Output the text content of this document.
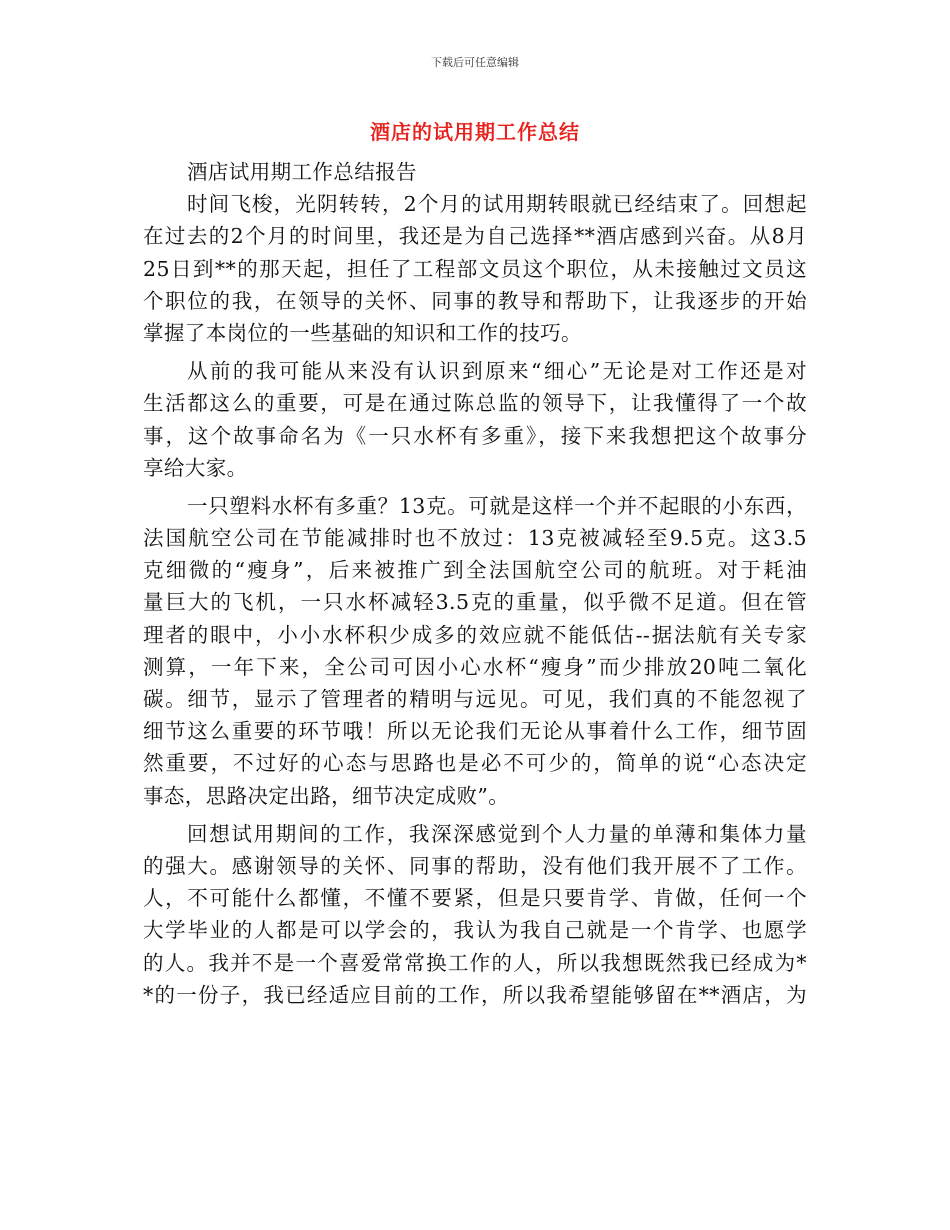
下载后可任意编辑
酒店的试用期工作总结
酒店试用期工作总结报告
时间飞梭，光阴转转，2个月的试用期转眼就已经结束了。回想起
在过去的2个月的时间里，我还是为自己选择**酒店感到兴奋。从8月
25日到**的那天起，担任了工程部文员这个职位，从未接触过文员这
个职位的我，在领导的关怀、同事的教导和帮助下，让我逐步的开始
掌握了本岗位的一些基础的知识和工作的技巧。
从前的我可能从来没有认识到原来“细心”无论是对工作还是对
生活都这么的重要，可是在通过陈总监的领导下，让我懂得了一个故
事，这个故事命名为《一只水杯有多重》，接下来我想把这个故事分
享给大家。
一只塑料水杯有多重？13克。可就是这样一个并不起眼的小东西，
法国航空公司在节能减排时也不放过：13克被减轻至9.5克。这3.5
克细微的“瘦身”，后来被推广到全法国航空公司的航班。对于耗油
量巨大的飞机，一只水杯减轻3.5克的重量，似乎微不足道。但在管
理者的眼中，小小水杯积少成多的效应就不能低估--据法航有关专家
测算，一年下来，全公司可因小心水杯“瘦身”而少排放20吨二氧化
碳。细节，显示了管理者的精明与远见。可见，我们真的不能忽视了
细节这么重要的环节哦！所以无论我们无论从事着什么工作，细节固
然重要，不过好的心态与思路也是必不可少的，简单的说“心态决定
事态，思路决定出路，细节决定成败”。
回想试用期间的工作，我深深感觉到个人力量的单薄和集体力量
的强大。感谢领导的关怀、同事的帮助，没有他们我开展不了工作。
人，不可能什么都懂，不懂不要紧，但是只要肯学、肯做，任何一个
大学毕业的人都是可以学会的，我认为我自己就是一个肯学、也愿学
的人。我并不是一个喜爱常常换工作的人，所以我想既然我已经成为*
*的一份子，我已经适应目前的工作，所以我希望能够留在**酒店，为
